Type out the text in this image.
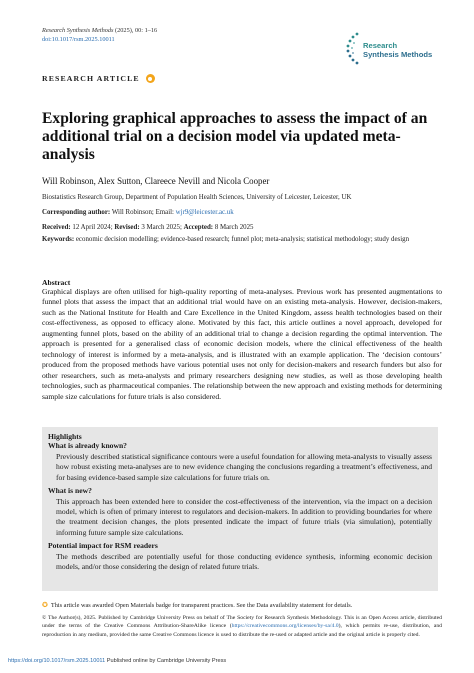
Research Synthesis Methods (2025), 00: 1–16
doi:10.1017/rsm.2025.10011
Research
Synthesis Methods
RESEARCH ARTICLE
Exploring graphical approaches to assess the impact of an additional trial on a decision model via updated meta-analysis
Will Robinson, Alex Sutton, Clareece Nevill and Nicola Cooper
Biostatistics Research Group, Department of Population Health Sciences, University of Leicester, Leicester, UK
Corresponding author: Will Robinson; Email: wjr9@leicester.ac.uk
Received: 12 April 2024; Revised: 3 March 2025; Accepted: 8 March 2025
Keywords: economic decision modelling; evidence-based research; funnel plot; meta-analysis; statistical methodology; study design
Abstract

Graphical displays are often utilised for high-quality reporting of meta-analyses. Previous work has presented augmentations to funnel plots that assess the impact that an additional trial would have on an existing meta-analysis. However, decision-makers, such as the National Institute for Health and Care Excellence in the United Kingdom, assess health technologies based on their cost-effectiveness, as opposed to efficacy alone. Motivated by this fact, this article outlines a novel approach, developed for augmenting funnel plots, based on the ability of an additional trial to change a decision regarding the optimal intervention. The approach is presented for a generalised class of economic decision models, where the clinical effectiveness of the health technology of interest is informed by a meta-analysis, and is illustrated with an example application. The ‘decision contours’ produced from the proposed methods have various potential uses not only for decision-makers and research funders but also for other researchers, such as meta-analysts and primary researchers designing new studies, as well as those developing health technologies, such as pharmaceutical companies. The relationship between the new approach and existing methods for determining sample size calculations for future trials is also considered.

Highlights
What is already known?

Previously described statistical significance contours were a useful foundation for allowing meta-analysts to visually assess how robust existing meta-analyses are to new evidence changing the conclusions regarding a treatment’s effectiveness, and for basing evidence-based sample size calculations for future trials on.

What is new?

This approach has been extended here to consider the cost-effectiveness of the intervention, via the impact on a decision model, which is often of primary interest to regulators and decision-makers. In addition to providing boundaries for where the treatment decision changes, the plots presented indicate the impact of future trials (via simulation), potentially informing future sample size calculations.

Potential impact for RSM readers

The methods described are potentially useful for those conducting evidence synthesis, informing economic decision models, and/or those considering the design of related future trials.

✪ This article was awarded Open Materials badge for transparent practices. See the Data availability statement for details.

© The Author(s), 2025. Published by Cambridge University Press on behalf of The Society for Research Synthesis Methodology. This is an Open Access article, distributed under the terms of the Creative Commons Attribution-ShareAlike licence (https://creativecommons.org/licenses/by-sa/4.0), which permits re-use, distribution, and reproduction in any medium, provided the same Creative Commons licence is used to distribute the re-used or adapted article and the original article is properly cited.

https://doi.org/10.1017/rsm.2025.10011 Published online by Cambridge University Press
